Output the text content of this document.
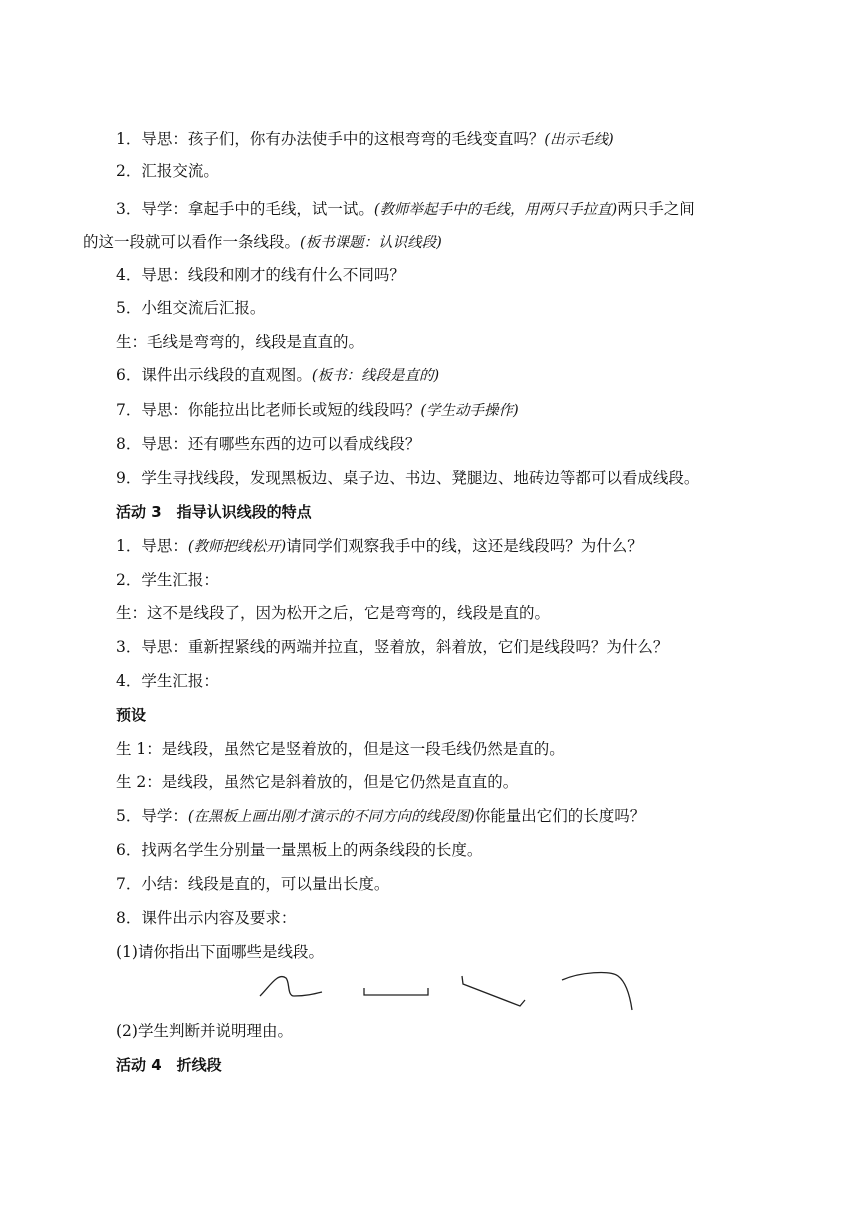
1．导思：孩子们，你有办法使手中的这根弯弯的毛线变直吗？(出示毛线)
2．汇报交流。
3．导学：拿起手中的毛线，试一试。(教师举起手中的毛线，用两只手拉直)两只手之间
的这一段就可以看作一条线段。(板书课题：认识线段)
4．导思：线段和刚才的线有什么不同吗？
5．小组交流后汇报。
生：毛线是弯弯的，线段是直直的。
6．课件出示线段的直观图。(板书：线段是直的)
7．导思：你能拉出比老师长或短的线段吗？(学生动手操作)
8．导思：还有哪些东西的边可以看成线段？
9．学生寻找线段，发现黑板边、桌子边、书边、凳腿边、地砖边等都可以看成线段。
活动 3　指导认识线段的特点
1．导思：(教师把线松开)请同学们观察我手中的线，这还是线段吗？为什么？
2．学生汇报：
生：这不是线段了，因为松开之后，它是弯弯的，线段是直的。
3．导思：重新捏紧线的两端并拉直，竖着放，斜着放，它们是线段吗？为什么？
4．学生汇报：
预设
生 1：是线段，虽然它是竖着放的，但是这一段毛线仍然是直的。
生 2：是线段，虽然它是斜着放的，但是它仍然是直直的。
5．导学：(在黑板上画出刚才演示的不同方向的线段图)你能量出它们的长度吗？
6．找两名学生分别量一量黑板上的两条线段的长度。
7．小结：线段是直的，可以量出长度。
8．课件出示内容及要求：
(1)请你指出下面哪些是线段。
(2)学生判断并说明理由。
活动 4　折线段
